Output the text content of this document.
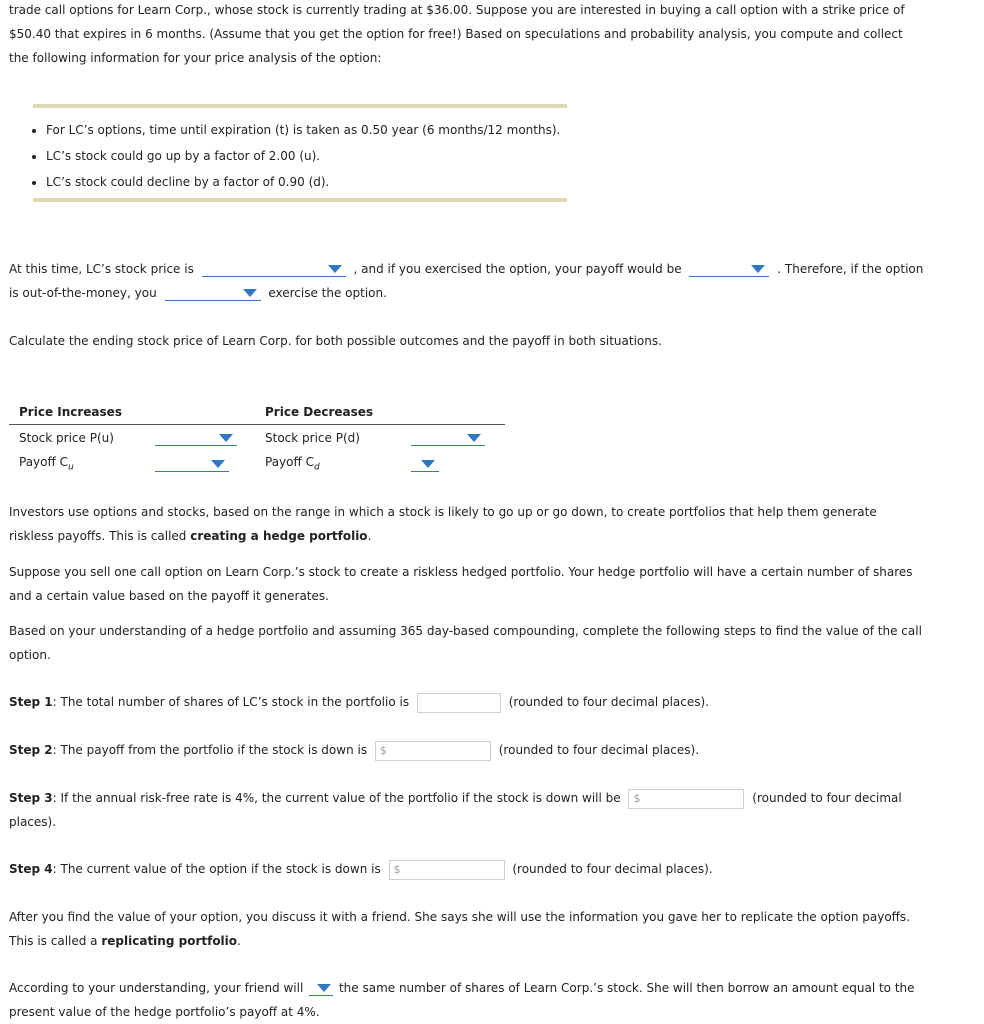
trade call options for Learn Corp., whose stock is currently trading at $36.00. Suppose you are interested in buying a call option with a strike price of

$50.40 that expires in 6 months. (Assume that you get the option for free!) Based on speculations and probability analysis, you compute and collect

the following information for your price analysis of the option:

• For LC’s options, time until expiration (t) is taken as 0.50 year (6 months/12 months).
• LC’s stock could go up by a factor of 2.00 (u).
• LC’s stock could decline by a factor of 0.90 (d).
At this time, LC’s stock price is	, and if you exercised the option, your payoff would be	. Therefore, if the option
is out-of-the-money, you	exercise the option.

Calculate the ending stock price of Learn Corp. for both possible outcomes and the payoff in both situations.

Price Increases		Price Decreases	
Stock price P(u)		Stock price P(d)	

Payoff $C_u$		Payoff $C_d$	

Investors use options and stocks, based on the range in which a stock is likely to go up or go down, to create portfolios that help them generate

riskless payoffs. This is called creating a hedge portfolio.

Suppose you sell one call option on Learn Corp.’s stock to create a riskless hedged portfolio. Your hedge portfolio will have a certain number of shares

and a certain value based on the payoff it generates.

Based on your understanding of a hedge portfolio and assuming 365 day-based compounding, complete the following steps to find the value of the call

option.

Step 1: The total number of shares of LC’s stock in the portfolio is	(rounded to four decimal places).
Step 2: The payoff from the portfolio if the stock is down is $	(rounded to four decimal places).
Step 3: If the annual risk-free rate is 4%, the current value of the portfolio if the stock is down will be $	(rounded to four decimal
places).
Step 4: The current value of the option if the stock is down is $	(rounded to four decimal places).

After you find the value of your option, you discuss it with a friend. She says she will use the information you gave her to replicate the option payoffs.

This is called a replicating portfolio.

According to your understanding, your friend will	the same number of shares of Learn Corp.’s stock. She will then borrow an amount equal to the

present value of the hedge portfolio’s payoff at 4%.
